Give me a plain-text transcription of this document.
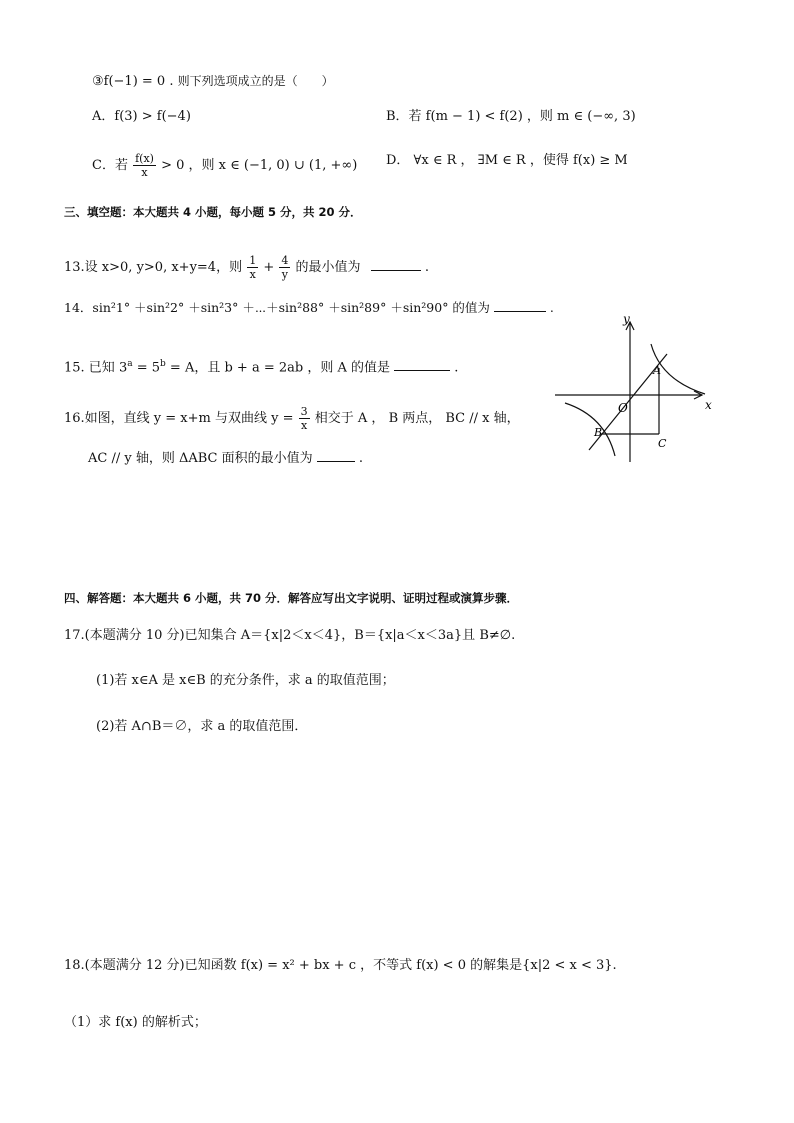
③f(−1) = 0 . 则下列选项成立的是（　　）
A．f(3) > f(−4)	B．若 f(m − 1) < f(2) ，则 m ∈ (−∞, 3)
C．若 $\frac{f(x)}{x} > 0$ ，则 x ∈ (−1, 0) ∪ (1, +∞) D． ∀x ∈ R ， ∃M ∈ R ，使得 f(x) ≥ M
三、填空题：本大题共 4 小题，每小题 5 分，共 20 分．
13.设 x>0, y>0, x+y=4，则 $\frac{1}{x} + \frac{4}{y}$ 的最小值为	.
14．sin²1° ＋sin²2° ＋sin²3° ＋⋯＋sin²88° ＋sin²89° ＋sin²90° 的值为	.
15. 已知 $3^a = 5^b = A$，且 b + a = 2ab ，则 A 的值是	.
16.如图，直线 y = x+m 与双曲线 $y = \frac{3}{x}$ 相交于 A ， B 两点， BC // x 轴，
AC // y 轴，则 ΔABC 面积的最小值为	.
y
x
O
A
B
C
四、解答题：本大题共 6 小题，共 70 分．解答应写出文字说明、证明过程或演算步骤．
17.(本题满分 10 分)已知集合 A＝{x|2＜x＜4}，B＝{x|a＜x＜3a}且 B≠∅.
(1)若 x∈A 是 x∈B 的充分条件，求 a 的取值范围；
(2)若 A∩B＝∅，求 a 的取值范围．
18.(本题满分 12 分)已知函数 f(x) = x² + bx + c ，不等式 f(x) < 0 的解集是{x|2 < x < 3}.
（1）求 f(x) 的解析式；
